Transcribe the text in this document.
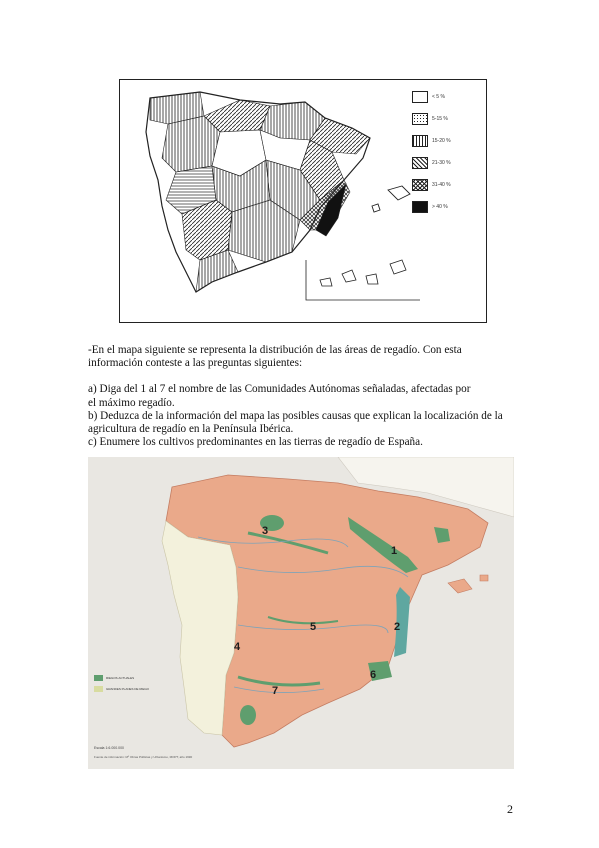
< 5 %
5-15 %
15-20 %
21-30 %
31-40 %
> 40 %

-En el mapa siguiente se representa la distribución de las áreas de regadío. Con esta

información conteste a las preguntas siguientes:

a) Diga del 1 al 7 el nombre de las Comunidades Autónomas señaladas, afectadas por

el máximo regadío.

b) Deduzca de la información del mapa las posibles causas que explican la localización de la

agricultura de regadío en la Península Ibérica.

c) Enumere los cultivos predominantes en las tierras de regadío de España.

1
2
3
4
5
6
7
RIEGOS ACTUALES
GRANDES PLANES DE RIEGO
Escala 1:6.000.000
Fuente de información: Mº Obras Públicas y Urbanismo, MOPT, año 1990
2
